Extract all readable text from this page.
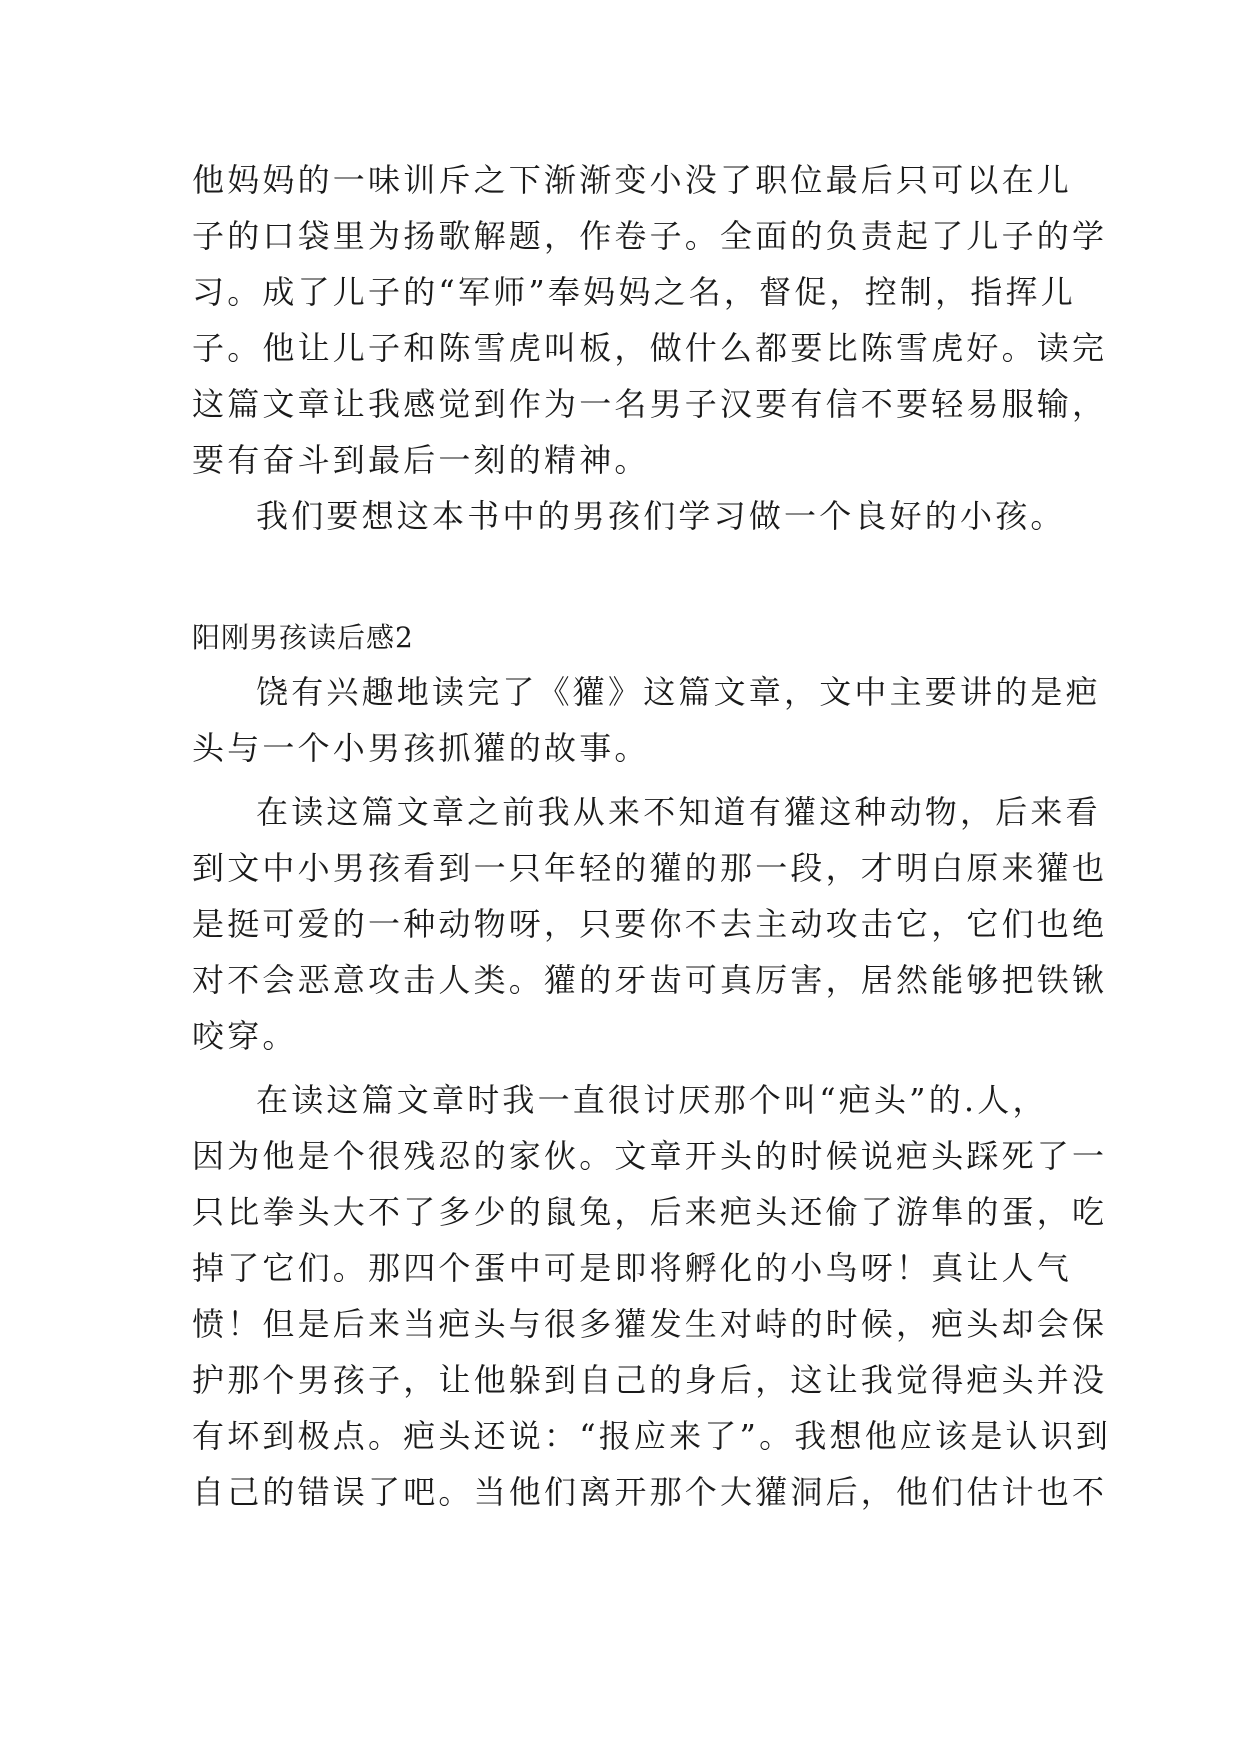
他妈妈的一味训斥之下渐渐变小没了职位最后只可以在儿
子的口袋里为扬歌解题，作卷子。全面的负责起了儿子的学
习。成了儿子的“军师”奉妈妈之名，督促，控制，指挥儿
子。他让儿子和陈雪虎叫板，做什么都要比陈雪虎好。读完
这篇文章让我感觉到作为一名男子汉要有信不要轻易服输，
要有奋斗到最后一刻的精神。
我们要想这本书中的男孩们学习做一个良好的小孩。
阳刚男孩读后感2
饶有兴趣地读完了《獾》这篇文章，文中主要讲的是疤
头与一个小男孩抓獾的故事。
在读这篇文章之前我从来不知道有獾这种动物，后来看
到文中小男孩看到一只年轻的獾的那一段，才明白原来獾也
是挺可爱的一种动物呀，只要你不去主动攻击它，它们也绝
对不会恶意攻击人类。獾的牙齿可真厉害，居然能够把铁锹
咬穿。
在读这篇文章时我一直很讨厌那个叫“疤头”的.人，
因为他是个很残忍的家伙。文章开头的时候说疤头踩死了一
只比拳头大不了多少的鼠兔，后来疤头还偷了游隼的蛋，吃
掉了它们。那四个蛋中可是即将孵化的小鸟呀！真让人气
愤！但是后来当疤头与很多獾发生对峙的时候，疤头却会保
护那个男孩子，让他躲到自己的身后，这让我觉得疤头并没
有坏到极点。疤头还说：“报应来了”。我想他应该是认识到
自己的错误了吧。当他们离开那个大獾洞后，他们估计也不
